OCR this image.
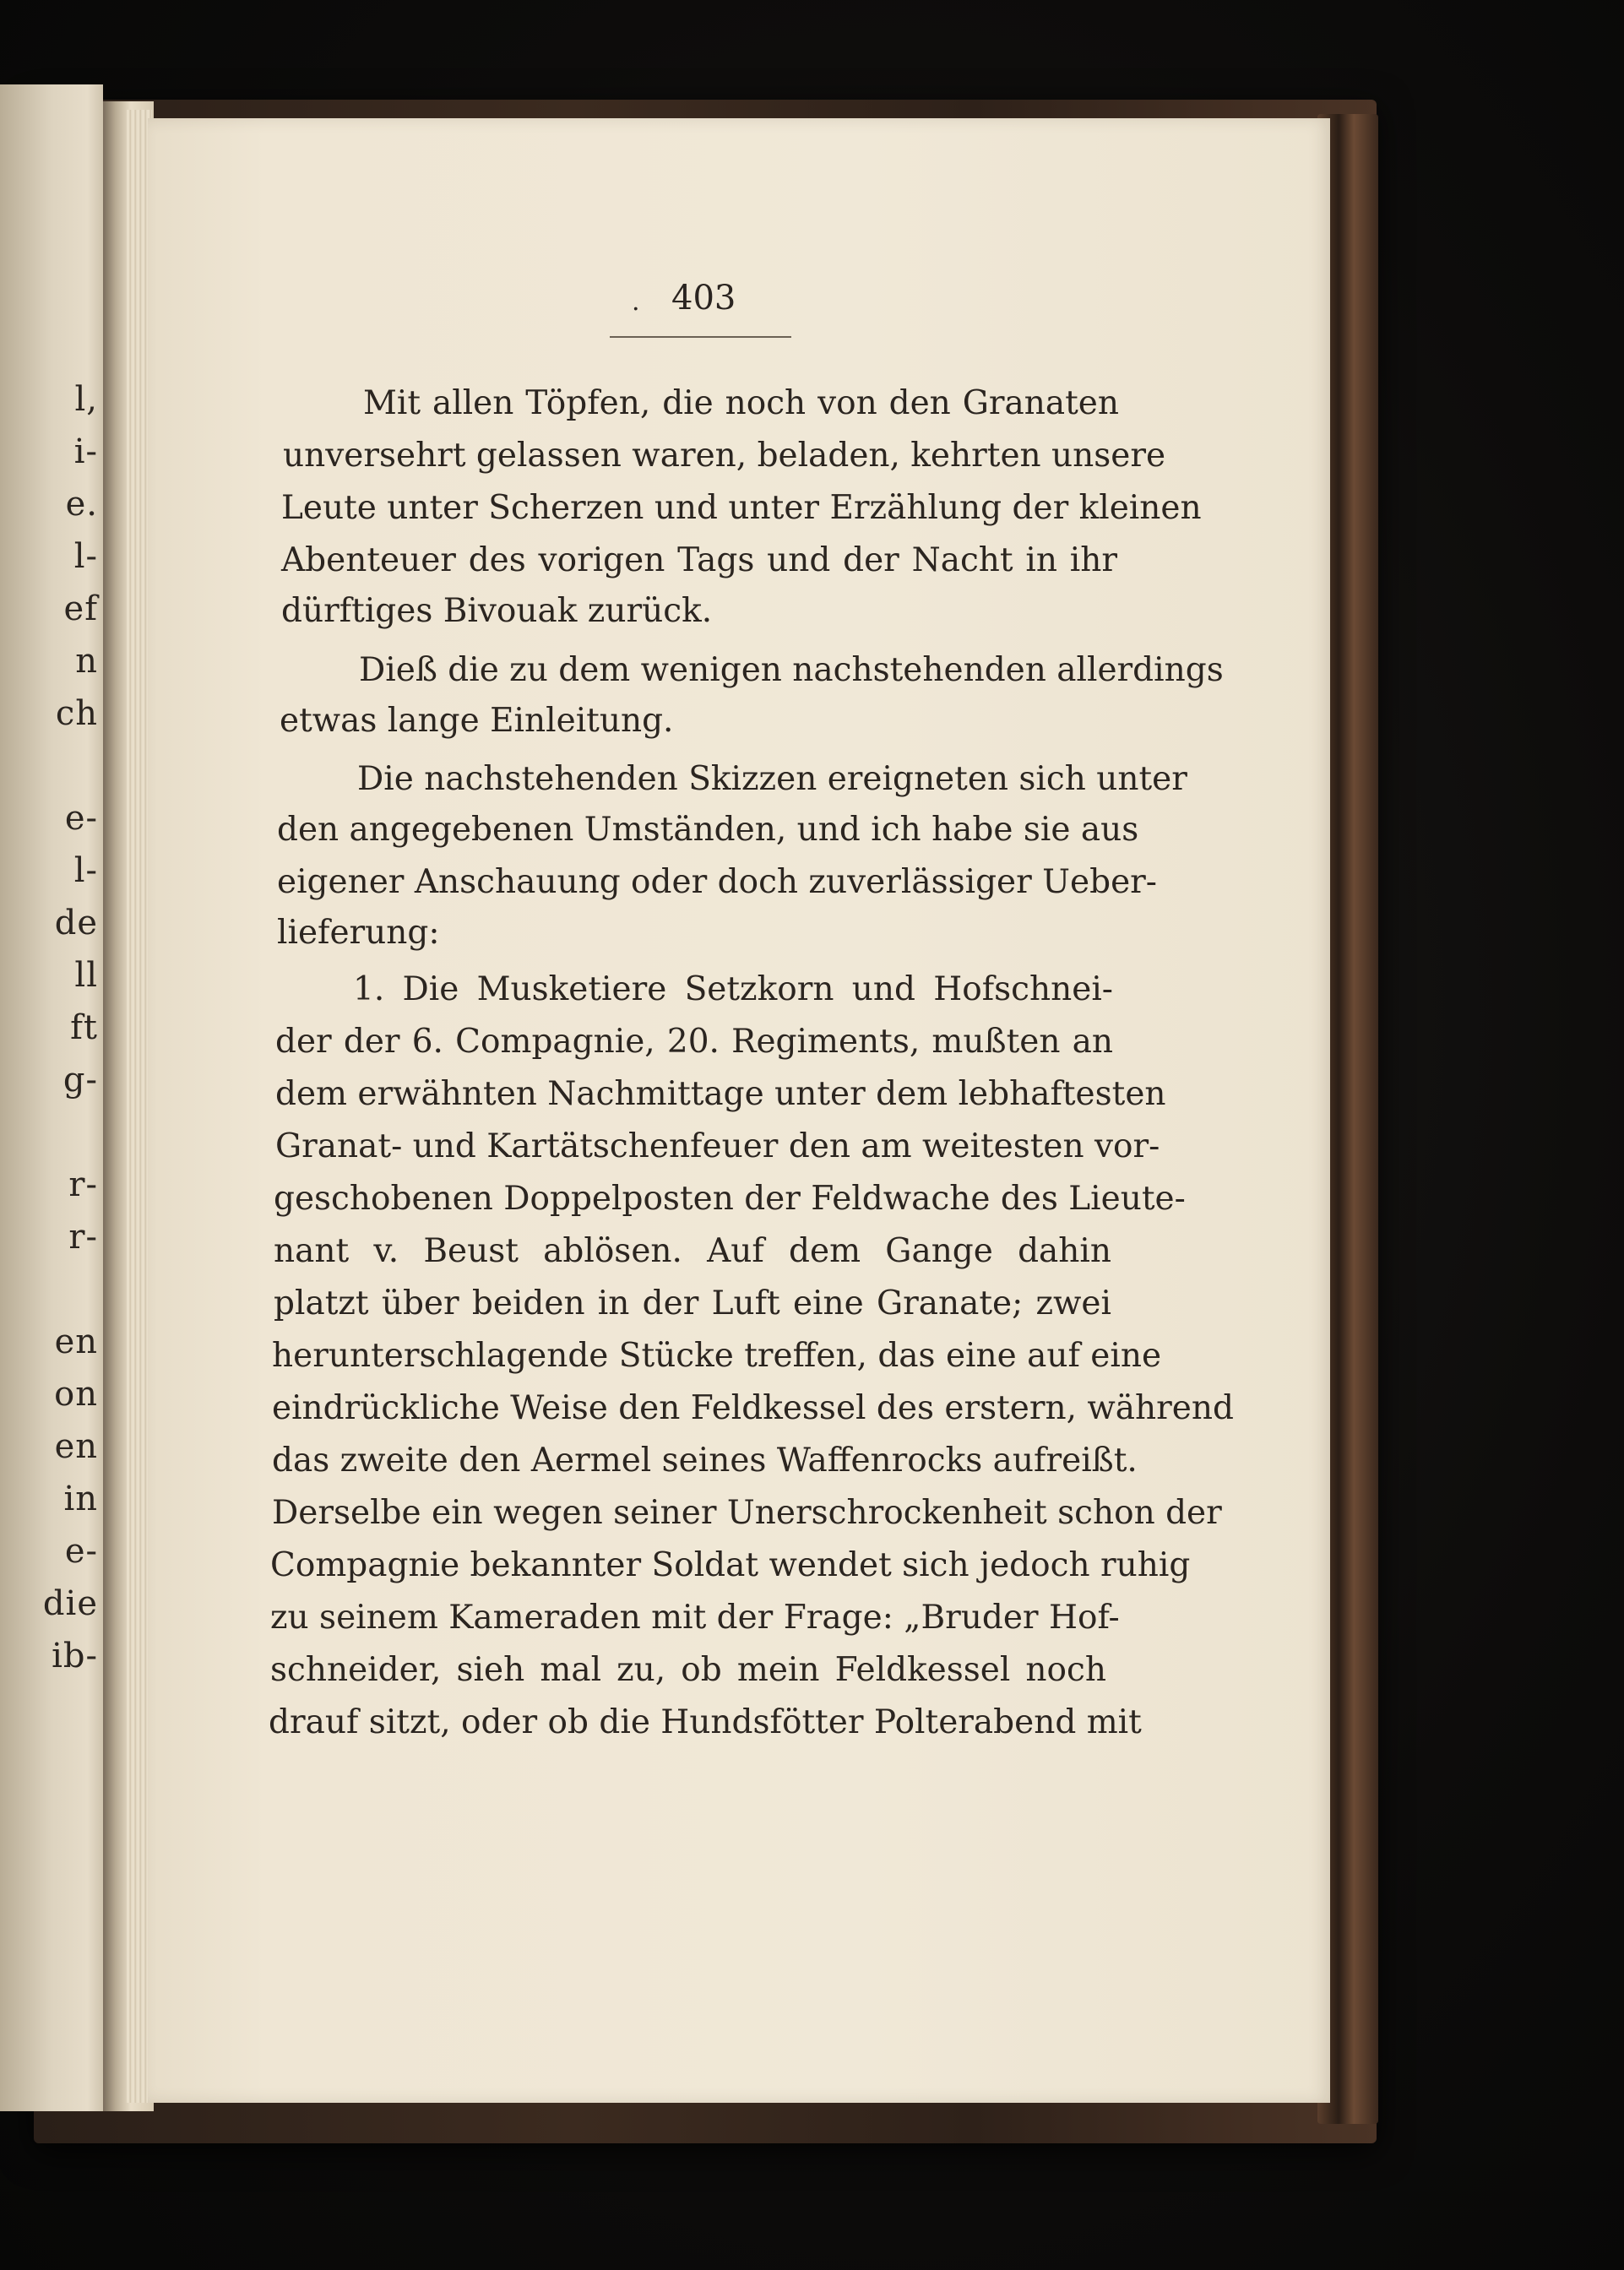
l,
i-
e.
l-
ef
n
ch
e-
l-
de
ll
ft
g-
r-
r-
en
on
en
in
e-
die
ib-
. 403
Mit allen Töpfen, die noch von den Granaten
unversehrt gelassen waren, beladen, kehrten unsere
Leute unter Scherzen und unter Erzählung der kleinen
Abenteuer des vorigen Tags und der Nacht in ihr
dürftiges Bivouak zurück.
Dieß die zu dem wenigen nachstehenden allerdings
etwas lange Einleitung.
Die nachstehenden Skizzen ereigneten sich unter
den angegebenen Umständen, und ich habe sie aus
eigener Anschauung oder doch zuverlässiger Ueber-
lieferung:
1. Die Musketiere Setzkorn und Hofschnei-
der der 6. Compagnie, 20. Regiments, mußten an
dem erwähnten Nachmittage unter dem lebhaftesten
Granat- und Kartätschenfeuer den am weitesten vor-
geschobenen Doppelposten der Feldwache des Lieute-
nant v. Beust ablösen. Auf dem Gange dahin
platzt über beiden in der Luft eine Granate; zwei
herunterschlagende Stücke treffen, das eine auf eine
eindrückliche Weise den Feldkessel des erstern, während
das zweite den Aermel seines Waffenrocks aufreißt.
Derselbe ein wegen seiner Unerschrockenheit schon der
Compagnie bekannter Soldat wendet sich jedoch ruhig
zu seinem Kameraden mit der Frage: „Bruder Hof-
schneider, sieh mal zu, ob mein Feldkessel noch
drauf sitzt, oder ob die Hundsfötter Polterabend mit
